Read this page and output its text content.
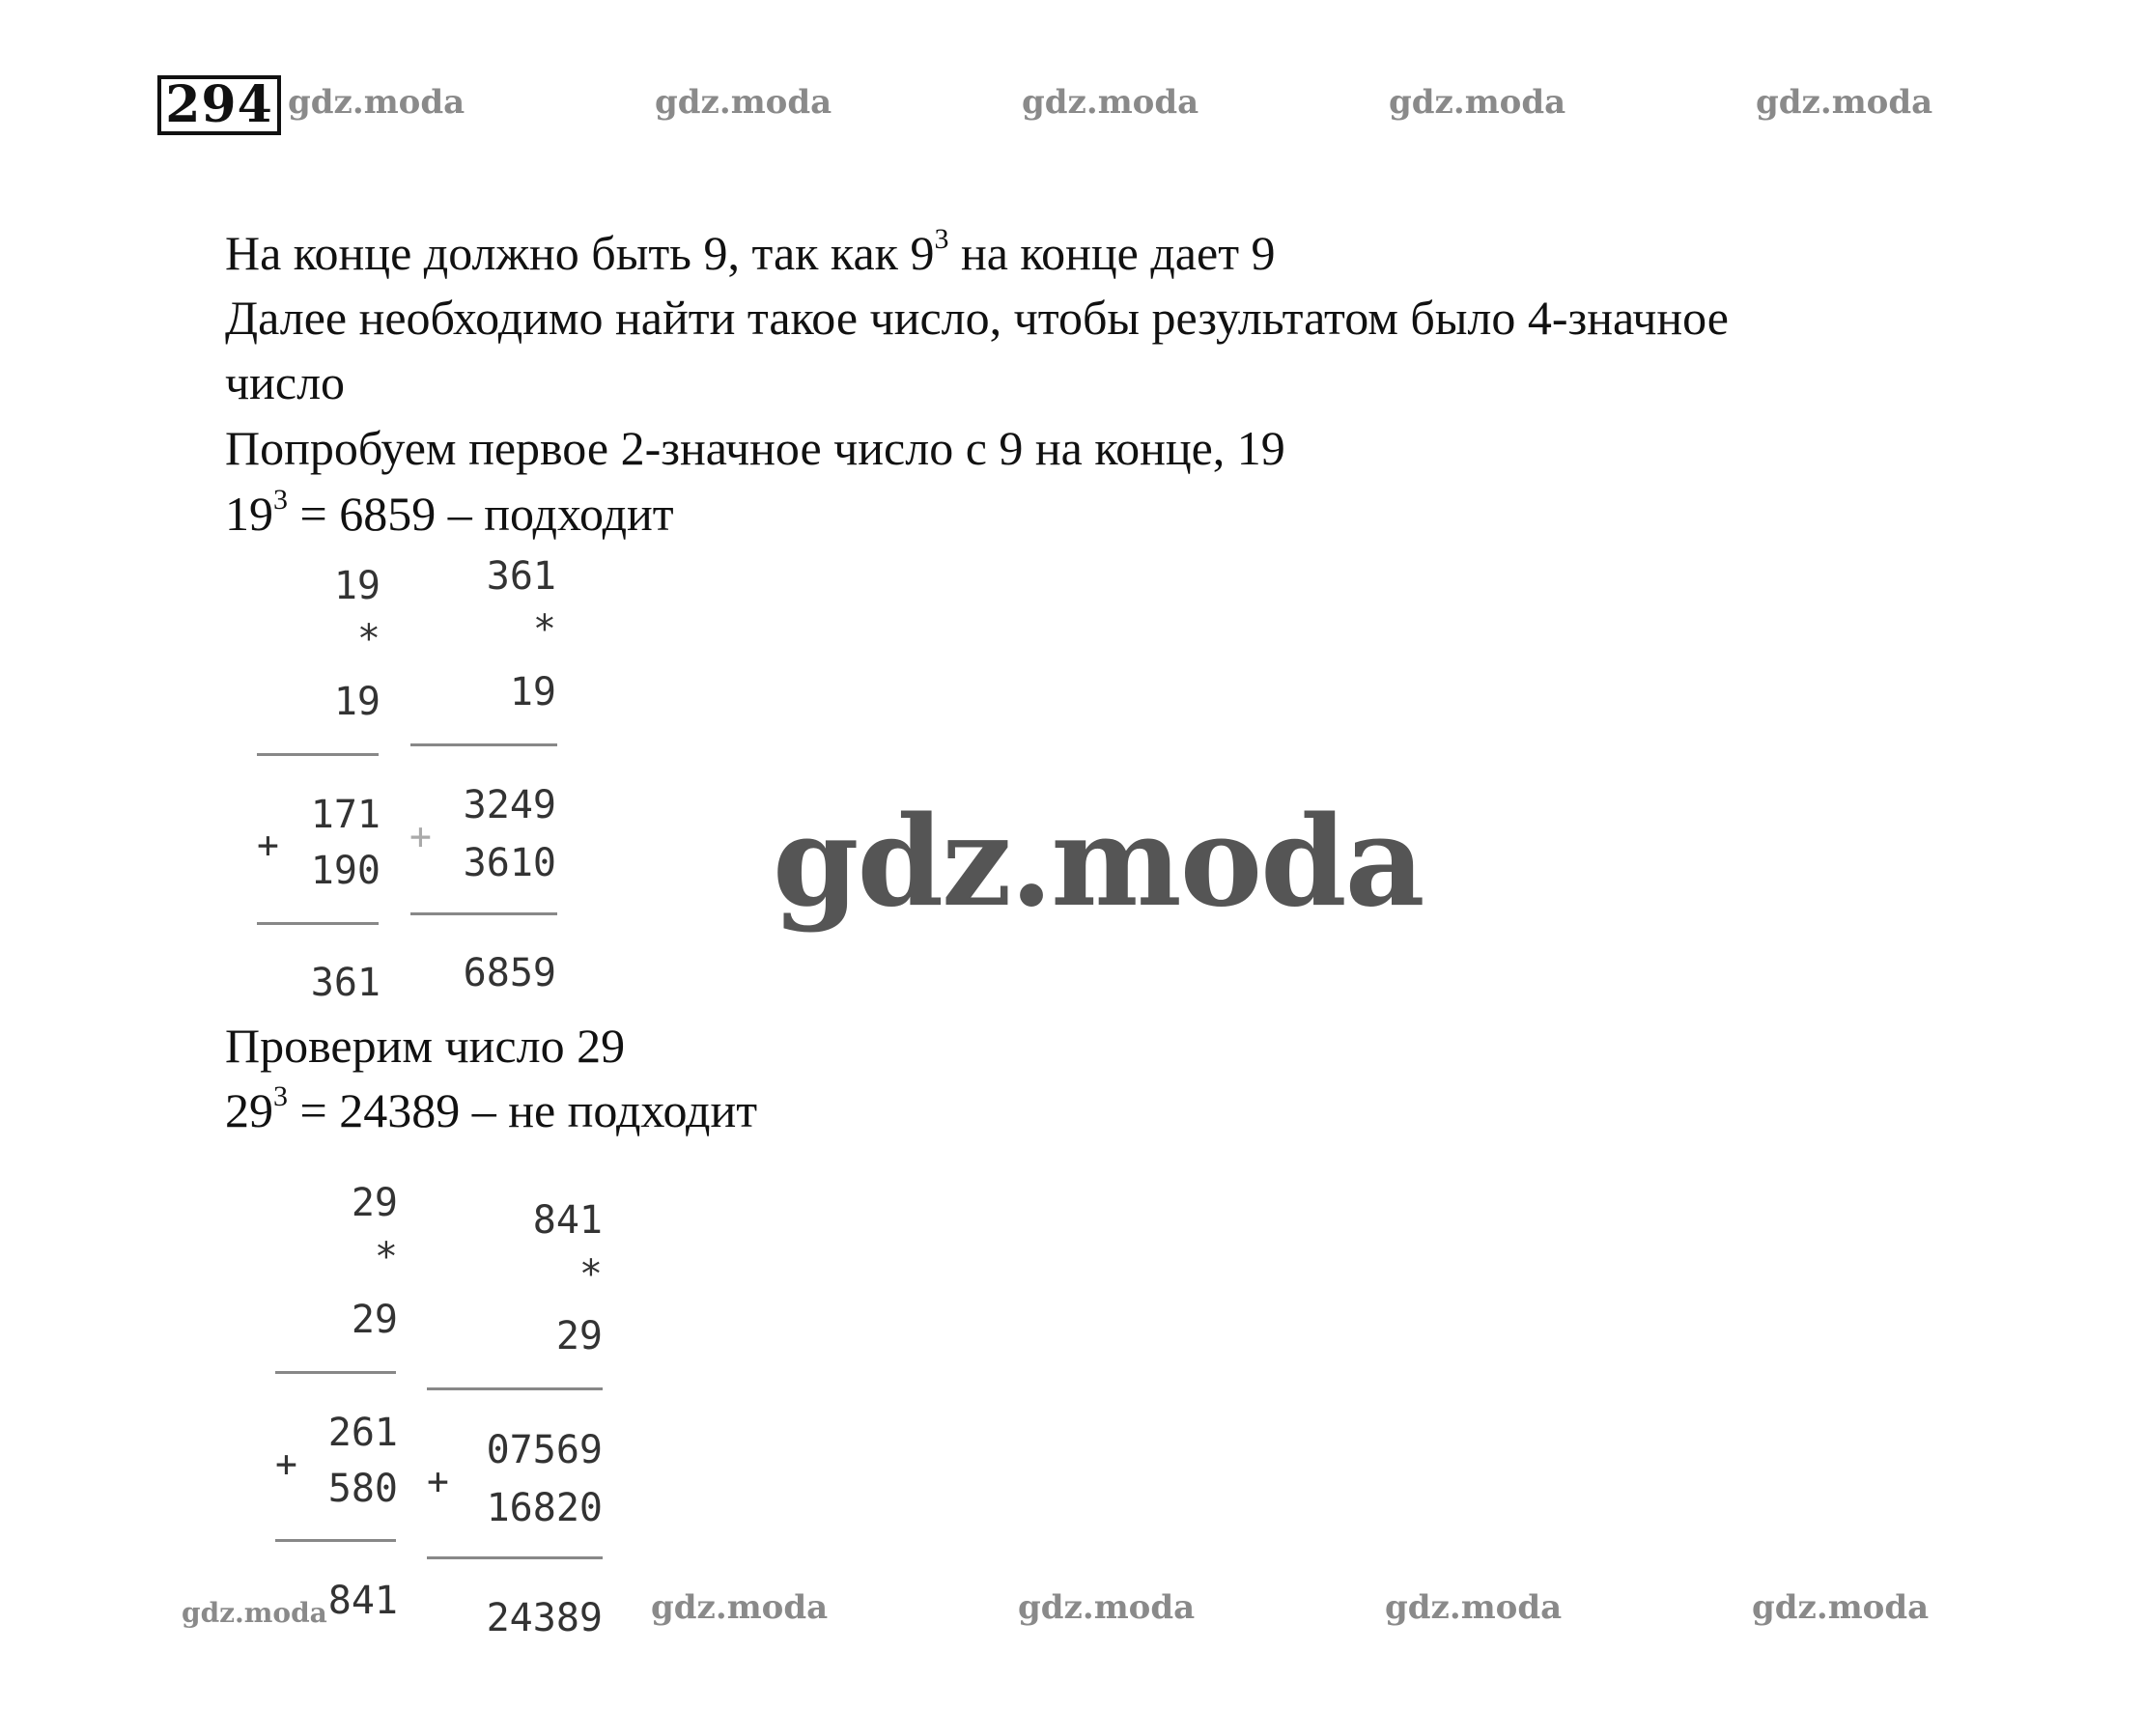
294 gdz.moda	gdz.moda	gdz.moda	gdz.moda	gdz.moda
На конце должно быть 9, так как $9^3$ на конце дает 9
Далее необходимо найти такое число, чтобы результатом было 4-значное
число
Попробуем первое 2-значное число с 9 на конце, 19
$19^3 = 6859$ – подходит
19
*
19
171
+
190
361
361
*
19
3249
+
3610
6859
gdz.moda
Проверим число 29
$29^3 = 24389$ – не подходит
29
*
29
261
+
580
841
841
*
29
07569
+
16820
24389
gdz.moda	gdz.moda	gdz.moda	gdz.moda	gdz.moda
